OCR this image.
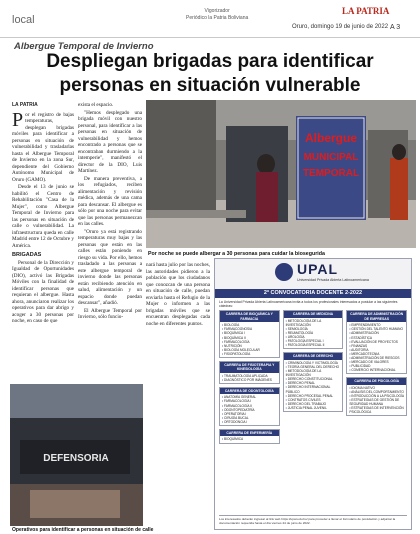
local
Vigorizador
Periódico la Patria Boliviana
LA PATRIA
Oruro, domingo 19 de junio de 2022 A 3
Albergue Temporal de Invierno
Despliegan brigadas para identificar personas en situación vulnerable
LA PATRIA

Por el registro de bajas temperaturas, desplegan brigadas móviles para identificar a personas en situación de vulnerabilidad y trasladarlas hasta el Albergue Temporal de Invierno en la zona Sur, dependiente del Gobierno Autónomo Municipal de Oruro (GAMO).

Desde el 13 de junio se habilitó el Centro de Rehabilitación "Casa de la Mujer", como Albergue Temporal de Invierno para las personas en situación de calle o vulnerabilidad. La infraestructura queda en calle Madrid entre 12 de Octubre y América.

BRIGADAS

Personal de la Dirección y Igualdad de Oportunidades (DIO), activó las Brigadas Móviles con la finalidad de identificar personas que requieran el albergue. Hasta ahora, anunciaron realizar los operativos para dar abrigo y acoger a 30 personas por noche, en caso de que

exista el espacio.

"Hemos desplegado una brigada móvil con nuestro personal, para identificar a las personas en situación de vulnerabilidad y hemos encontrado a personas que se encontraban durmiendo a la intemperie", manifestó el director de la DIO, Luis Martínez.

De manera preventiva, a los refugiados, reciben alimentación y revisión médica, además de una cama para descansar. El albergue es sólo por una noche para evitar que las personas permanezcan en las calles.

"Oruro ya está registrando temperaturas muy bajas y las personas que están en las calles están poniendo en riesgo su vida. Por ello, hemos trasladado a las personas a este albergue temporal de invierno donde las personas están recibiendo atención en salud, alimentación y un espacio donde puedan descansar", añadió.

El Albergue Temporal por Invierno, sólo funcio-

Albergue
MUNICIPAL
TEMPORAL
Por noche se puede albergar a 30 personas para cuidar la biosegurida

nará hasta julio por las noches, las autoridades pidieron a la población que los ciudadanos que conozcan de una persona en situación de calle, puedan enviarla hasta el Refugio de la Mujer o informen a las brigadas móviles que se encuentran desplegadas cada noche en diferentes puntos.

DEFENSORIA
Operativos para identificar a personas en situación de calle
UPAL
Universidad Privada Abierta Latinoamericana
2ª CONVOCATORIA DOCENTE 2-2022
La Universidad Privada Abierta Latinoamericana invita a todos los profesionales interesados a postular a las siguientes cátedras:
CARRERA DE BIOQUÍMICA Y FARMACIA
• BIOLOGÍA
• FARMACOGNOSIA
• BIOQUÍMICA I
• BIOQUÍMICA II
• FARMACOLOGÍA
• NUTRICIÓN
• BIOLOGÍA MOLECULAR
• FISIOPATOLOGÍA
CARRERA DE FISIOTERAPIA Y KINESIOLOGÍA
• TRAUMATOLOGÍA APLICADA
• DIAGNÓSTICO POR IMÁGENES
CARRERA DE ODONTOLOGÍA
• ANATOMÍA GENERAL
• FARMACOLOGÍA I
• FARMACOLOGÍA II
• ODONTOPEDIATRÍA
• OPERATORIA I
• CIRUGÍA BUCAL
• ORTODONCIA I
CARRERA DE ENFERMERÍA
• BIOQUÍMICA
CARRERA DE MEDICINA
• METODOLOGÍA DE LA INVESTIGACIÓN
• SEMIOLOGÍA
• REUMATOLOGÍA
• UROLOGÍA
• PATOLOGÍA ESPECIAL I
• PATOLOGÍA ESPECIAL II
CARRERA DE DERECHO
• CRIMINOLOGÍA Y VICTIMOLOGÍA
• TEORÍA GENERAL DEL DERECHO
• METODOLOGÍA DE LA INVESTIGACIÓN
• DERECHO CONSTITUCIONAL
• DERECHO PENAL
• DERECHO INTERNACIONAL PÚBLICO
• DERECHO PROCESAL PENAL
• CONTRATOS CIVILES
• DERECHO DEL TRABAJO
• JUSTICIA PENAL JUVENIL
CARRERA DE ADMINISTRACIÓN DE EMPRESAS
• EMPRENDIMIENTO
• GESTIÓN DEL TALENTO HUMANO
• ADMINISTRACIÓN
• ESTADÍSTICA
• EVALUACIÓN DE PROYECTOS
• FINANZAS
• AUDITORÍA
• MERCADOTECNIA
• ADMINISTRACIÓN DE RIESGOS
• MERCADO DE VALORES
• PUBLICIDAD
• COMERCIO INTERNACIONAL
CARRERA DE PSICOLOGÍA
• IDIOMA NATIVO
• ANÁLISIS DEL COMPORTAMIENTO
• INTRODUCCIÓN A LA PSICOLOGÍA
• ESTRATEGIAS DE GESTIÓN DE SEGURIDAD HUMANA
• ESTRATEGIAS DE INTERVENCIÓN PSICOLÓGICA
Los interesados deberán ingresar al link web https://upal.edu.bo/ para proceder a llenar el formulario de postulación y adjuntar la documentación requerida hasta el día viernes 24 de junio de 2022.
